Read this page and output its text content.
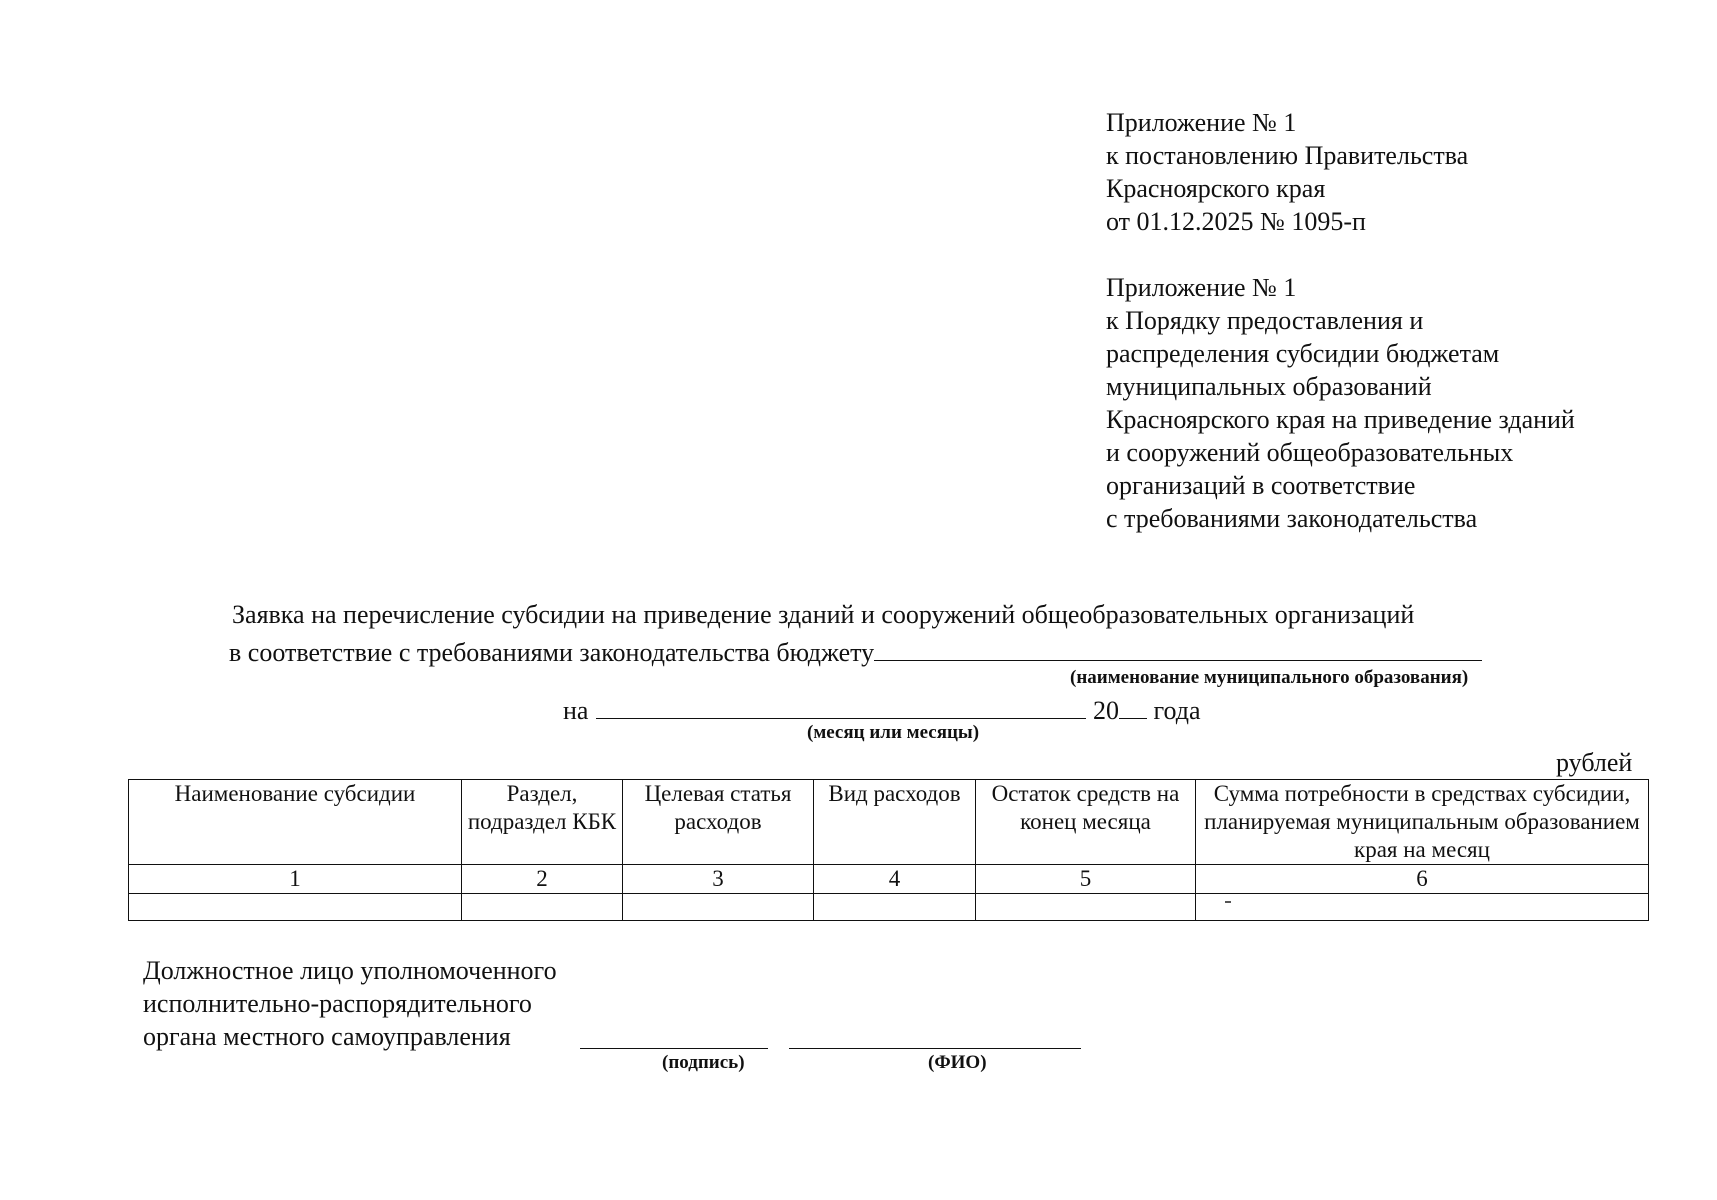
Приложение № 1
к постановлению Правительства
Красноярского края
от 01.12.2025 № 1095-п
Приложение № 1
к Порядку предоставления и
распределения субсидии бюджетам
муниципальных образований
Красноярского края на приведение зданий
и сооружений общеобразовательных
организаций в соответствие
с требованиями законодательства
Заявка на перечисление субсидии на приведение зданий и сооружений общеобразовательных организаций
в соответствие с требованиями законодательства бюджету
(наименование муниципального образования)
на	20 года
(месяц или месяцы)
рублей
Наименование субсидии	Раздел, подраздел КБК	Целевая статья расходов	Вид расходов	Остаток средств на конец месяца	Сумма потребности в средствах субсидии, планируемая муниципальным образованием края на месяц
1	2	3	4	5	6

Должностное лицо уполномоченного
исполнительно-распорядительного
органа местного самоуправления
(подпись)	(ФИО)
